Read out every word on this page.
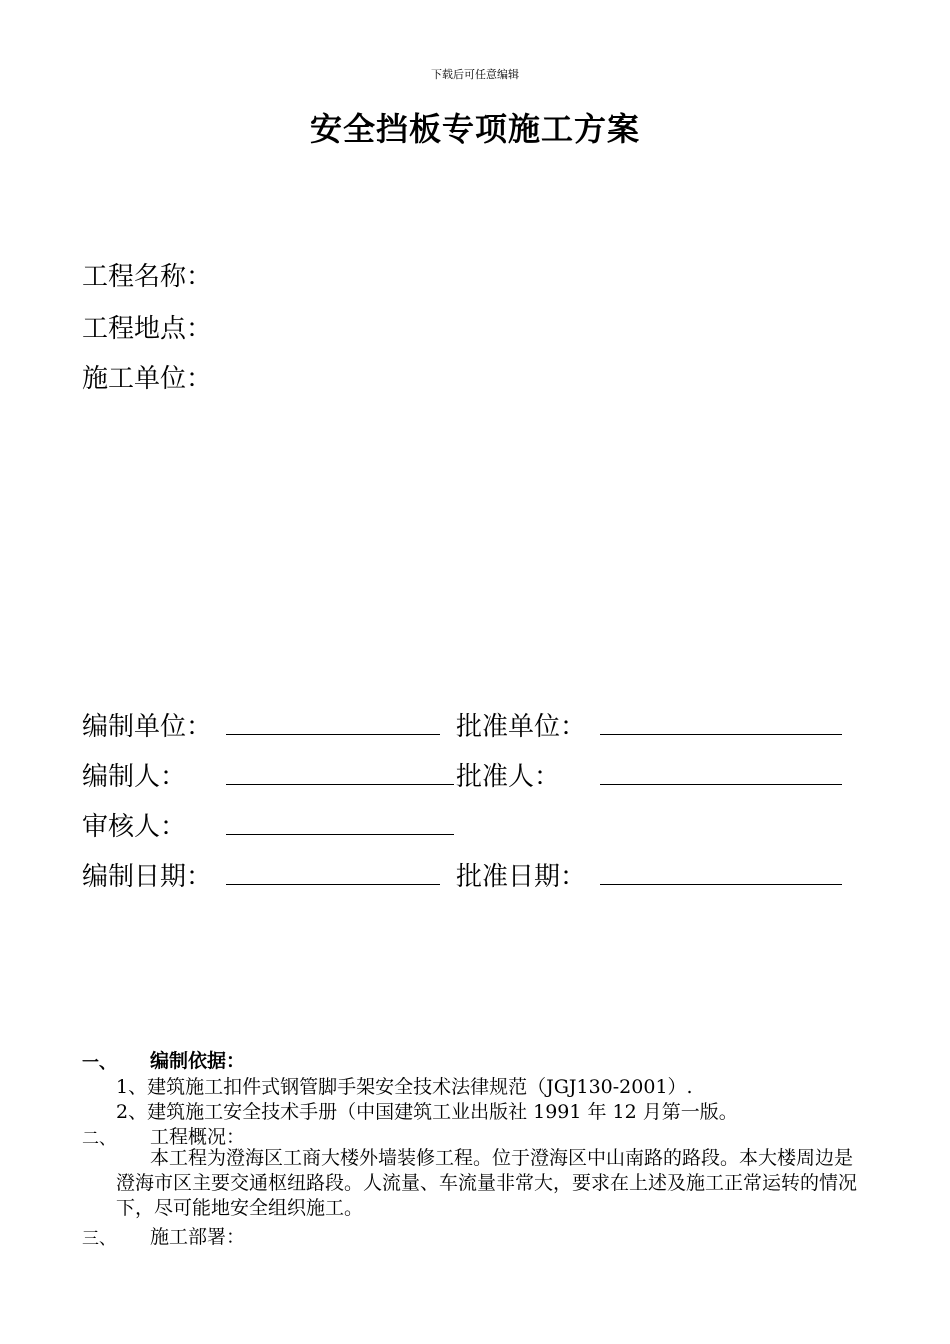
下载后可任意编辑
安全挡板专项施工方案
工程名称：
工程地点：
施工单位：
编制单位：	批准单位：
编制人：	批准人：
审核人：
编制日期：	批准日期：
一、 编制依据：
1、建筑施工扣件式钢管脚手架安全技术法律规范（JGJ130-2001）.
2、建筑施工安全技术手册（中国建筑工业出版社 1991 年 12 月第一版。
二、 工程概况：
本工程为澄海区工商大楼外墙装修工程。位于澄海区中山南路的路段。本大楼周边是澄海市区主要交通枢纽路段。人流量、车流量非常大，要求在上述及施工正常运转的情况下，尽可能地安全组织施工。
三、 施工部署：
